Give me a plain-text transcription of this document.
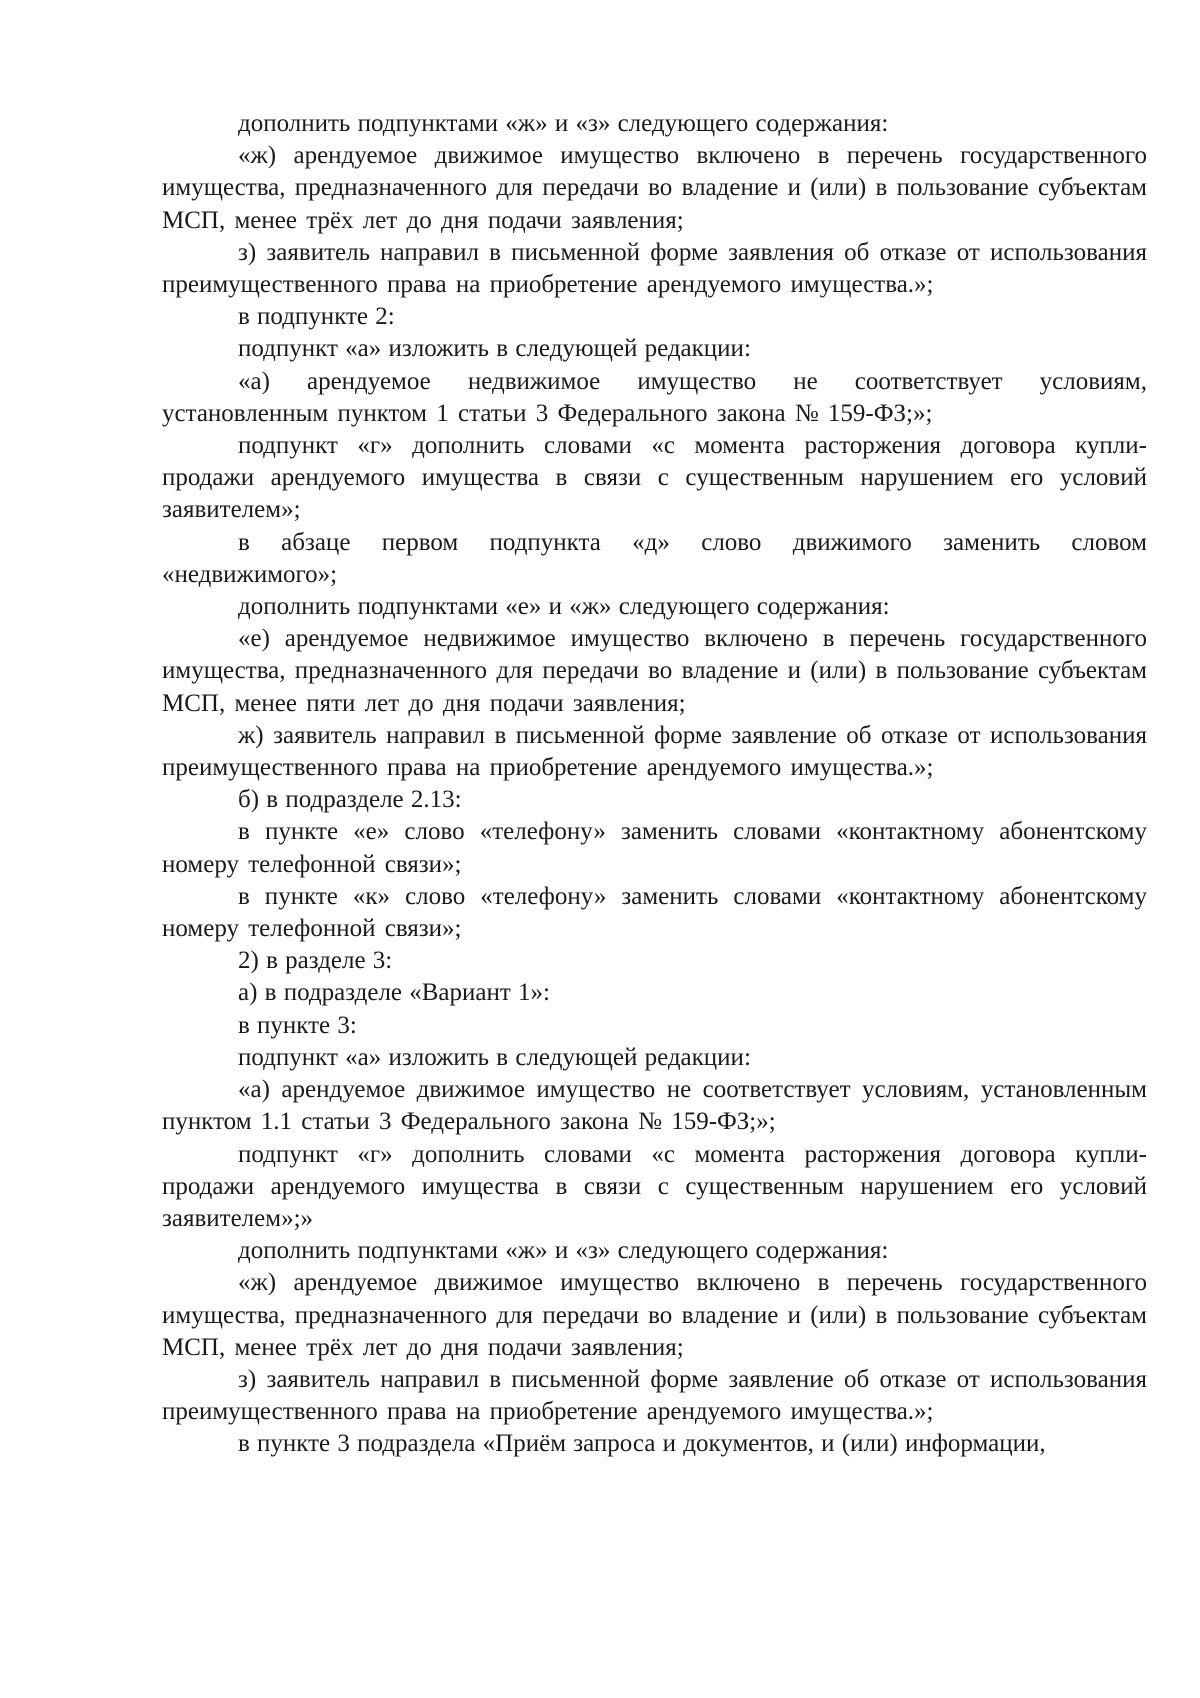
дополнить подпунктами «ж» и «з» следующего содержания:

«ж) арендуемое движимое имущество включено в перечень государственного имущества, предназначенного для передачи во владение и (или) в пользование субъектам МСП, менее трёх лет до дня подачи заявления;

з) заявитель направил в письменной форме заявления об отказе от использования преимущественного права на приобретение арендуемого имущества.»;

в подпункте 2:

подпункт «а» изложить в следующей редакции:

«а) арендуемое недвижимое имущество не соответствует условиям, установленным пунктом 1 статьи 3 Федерального закона № 159-ФЗ;»;

подпункт «г» дополнить словами «с момента расторжения договора купли-продажи арендуемого имущества в связи с существенным нарушением его условий заявителем»;

в абзаце первом подпункта «д» слово движимого заменить словом «недвижимого»;

дополнить подпунктами «е» и «ж» следующего содержания:

«е) арендуемое недвижимое имущество включено в перечень государственного имущества, предназначенного для передачи во владение и (или) в пользование субъектам МСП, менее пяти лет до дня подачи заявления;

ж) заявитель направил в письменной форме заявление об отказе от использования преимущественного права на приобретение арендуемого имущества.»;

б) в подразделе 2.13:

в пункте «е» слово «телефону» заменить словами «контактному абонентскому номеру телефонной связи»;

в пункте «к» слово «телефону» заменить словами «контактному абонентскому номеру телефонной связи»;

2) в разделе 3:

а) в подразделе «Вариант 1»:

в пункте 3:

подпункт «а» изложить в следующей редакции:

«а) арендуемое движимое имущество не соответствует условиям, установленным пунктом 1.1 статьи 3 Федерального закона № 159-ФЗ;»;

подпункт «г» дополнить словами «с момента расторжения договора купли- продажи арендуемого имущества в связи с существенным нарушением его условий заявителем»;»

дополнить подпунктами «ж» и «з» следующего содержания:

«ж) арендуемое движимое имущество включено в перечень государственного имущества, предназначенного для передачи во владение и (или) в пользование субъектам МСП, менее трёх лет до дня подачи заявления;

з) заявитель направил в письменной форме заявление об отказе от использования преимущественного права на приобретение арендуемого имущества.»;

в пункте 3 подраздела «Приём запроса и документов, и (или) информации,
